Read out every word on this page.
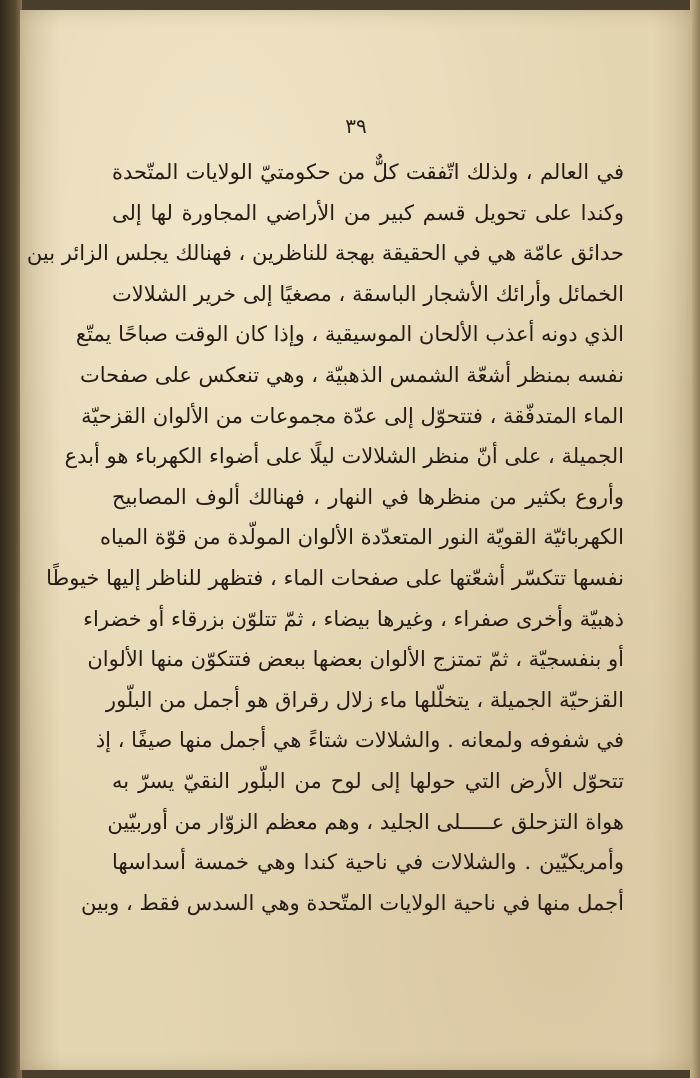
٣٩
في العالم ، ولذلك اتّفقت كلٌّ من حكومتيّ الولايات المتّحدة
وكندا على تحويل قسم كبير من الأراضي المجاورة لها إلى
حدائق عامّة هي في الحقيقة بهجة للناظرين ، فهنالك يجلس الزائر بين
الخمائل وأرائك الأشجار الباسقة ، مصغيًا إلى خرير الشلالات
الذي دونه أعذب الألحان الموسيقية ، وإذا كان الوقت صباحًا يمتّع
نفسه بمنظر أشعّة الشمس الذهبيّة ، وهي تنعكس على صفحات
الماء المتدفّقة ، فتتحوّل إلى عدّة مجموعات من الألوان القزحيّة
الجميلة ، على أنّ منظر الشلالات ليلًا على أضواء الكهرباء هو أبدع
وأروع بكثير من منظرها في النهار ، فهنالك ألوف المصابيح
الكهربائيّة القويّة النور المتعدّدة الألوان المولّدة من قوّة المياه
نفسها تتكسّر أشعّتها على صفحات الماء ، فتظهر للناظر إليها خيوطًا
ذهبيّة وأخرى صفراء ، وغيرها بيضاء ، ثمّ تتلوّن بزرقاء أو خضراء
أو بنفسجيّة ، ثمّ تمتزج الألوان بعضها ببعض فتتكوّن منها الألوان
القزحيّة الجميلة ، يتخلّلها ماء زلال رقراق هو أجمل من البلّور
في شفوفه ولمعانه . والشلالات شتاءً هي أجمل منها صيفًا ، إذ
تتحوّل الأرض التي حولها إلى لوح من البلّور النقيّ يسرّ به
هواة التزحلق عـــــلى الجليد ، وهم معظم الزوّار من أوربيّين
وأمريكيّين . والشلالات في ناحية كندا وهي خمسة أسداسها
أجمل منها في ناحية الولايات المتّحدة وهي السدس فقط ، وبين
